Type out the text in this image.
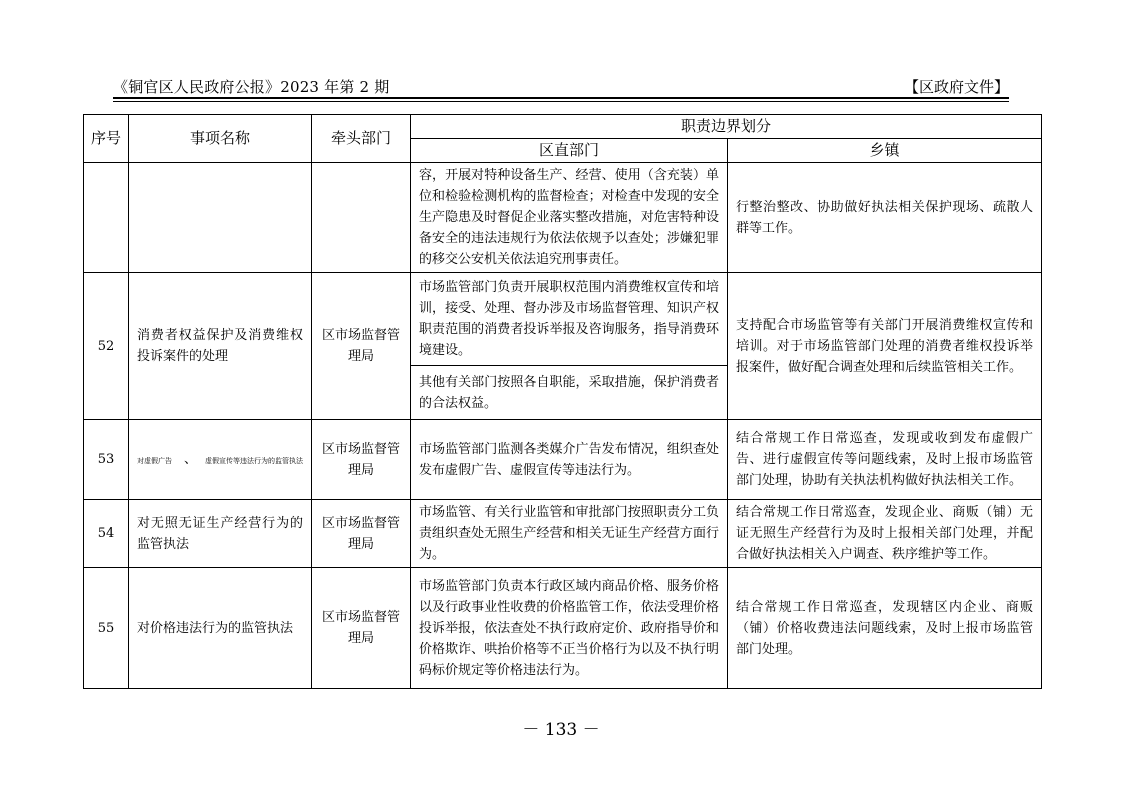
《铜官区人民政府公报》2023 年第 2 期	【区政府文件】
序号	事项名称	牵头部门	职责边界划分	
			区直部门	乡镇
			容，开展对特种设备生产、经营、使用（含充装）单位和检验检测机构的监督检查；对检查中发现的安全生产隐患及时督促企业落实整改措施，对危害特种设备安全的违法违规行为依法依规予以查处；涉嫌犯罪的移交公安机关依法追究刑事责任。	行整治整改、协助做好执法相关保护现场、疏散人群等工作。
52	消费者权益保护及消费维权投诉案件的处理	区市场监督管理局	市场监管部门负责开展职权范围内消费维权宣传和培训，接受、处理、督办涉及市场监督管理、知识产权职责范围的消费者投诉举报及咨询服务，指导消费环境建设。	支持配合市场监管等有关部门开展消费维权宣传和培训。对于市场监管部门处理的消费者维权投诉举报案件，做好配合调查处理和后续监管相关工作。
			其他有关部门按照各自职能，采取措施，保护消费者的合法权益。	
53	对虚假广告 、 虚假宣传等违法行为的监管执法	区市场监督管理局	市场监管部门监测各类媒介广告发布情况，组织查处发布虚假广告、虚假宣传等违法行为。	结合常规工作日常巡查，发现或收到发布虚假广告、进行虚假宣传等问题线索，及时上报市场监管部门处理，协助有关执法机构做好执法相关工作。
54	对无照无证生产经营行为的监管执法	区市场监督管理局	市场监管、有关行业监管和审批部门按照职责分工负责组织查处无照生产经营和相关无证生产经营方面行为。	结合常规工作日常巡查，发现企业、商贩（铺）无证无照生产经营行为及时上报相关部门处理，并配合做好执法相关入户调查、秩序维护等工作。
55	对价格违法行为的监管执法	区市场监督管理局	市场监管部门负责本行政区域内商品价格、服务价格以及行政事业性收费的价格监管工作，依法受理价格投诉举报，依法查处不执行政府定价、政府指导价和价格欺诈、哄抬价格等不正当价格行为以及不执行明码标价规定等价格违法行为。	结合常规工作日常巡查，发现辖区内企业、商贩（铺）价格收费违法问题线索，及时上报市场监管部门处理。
－ 133 －
